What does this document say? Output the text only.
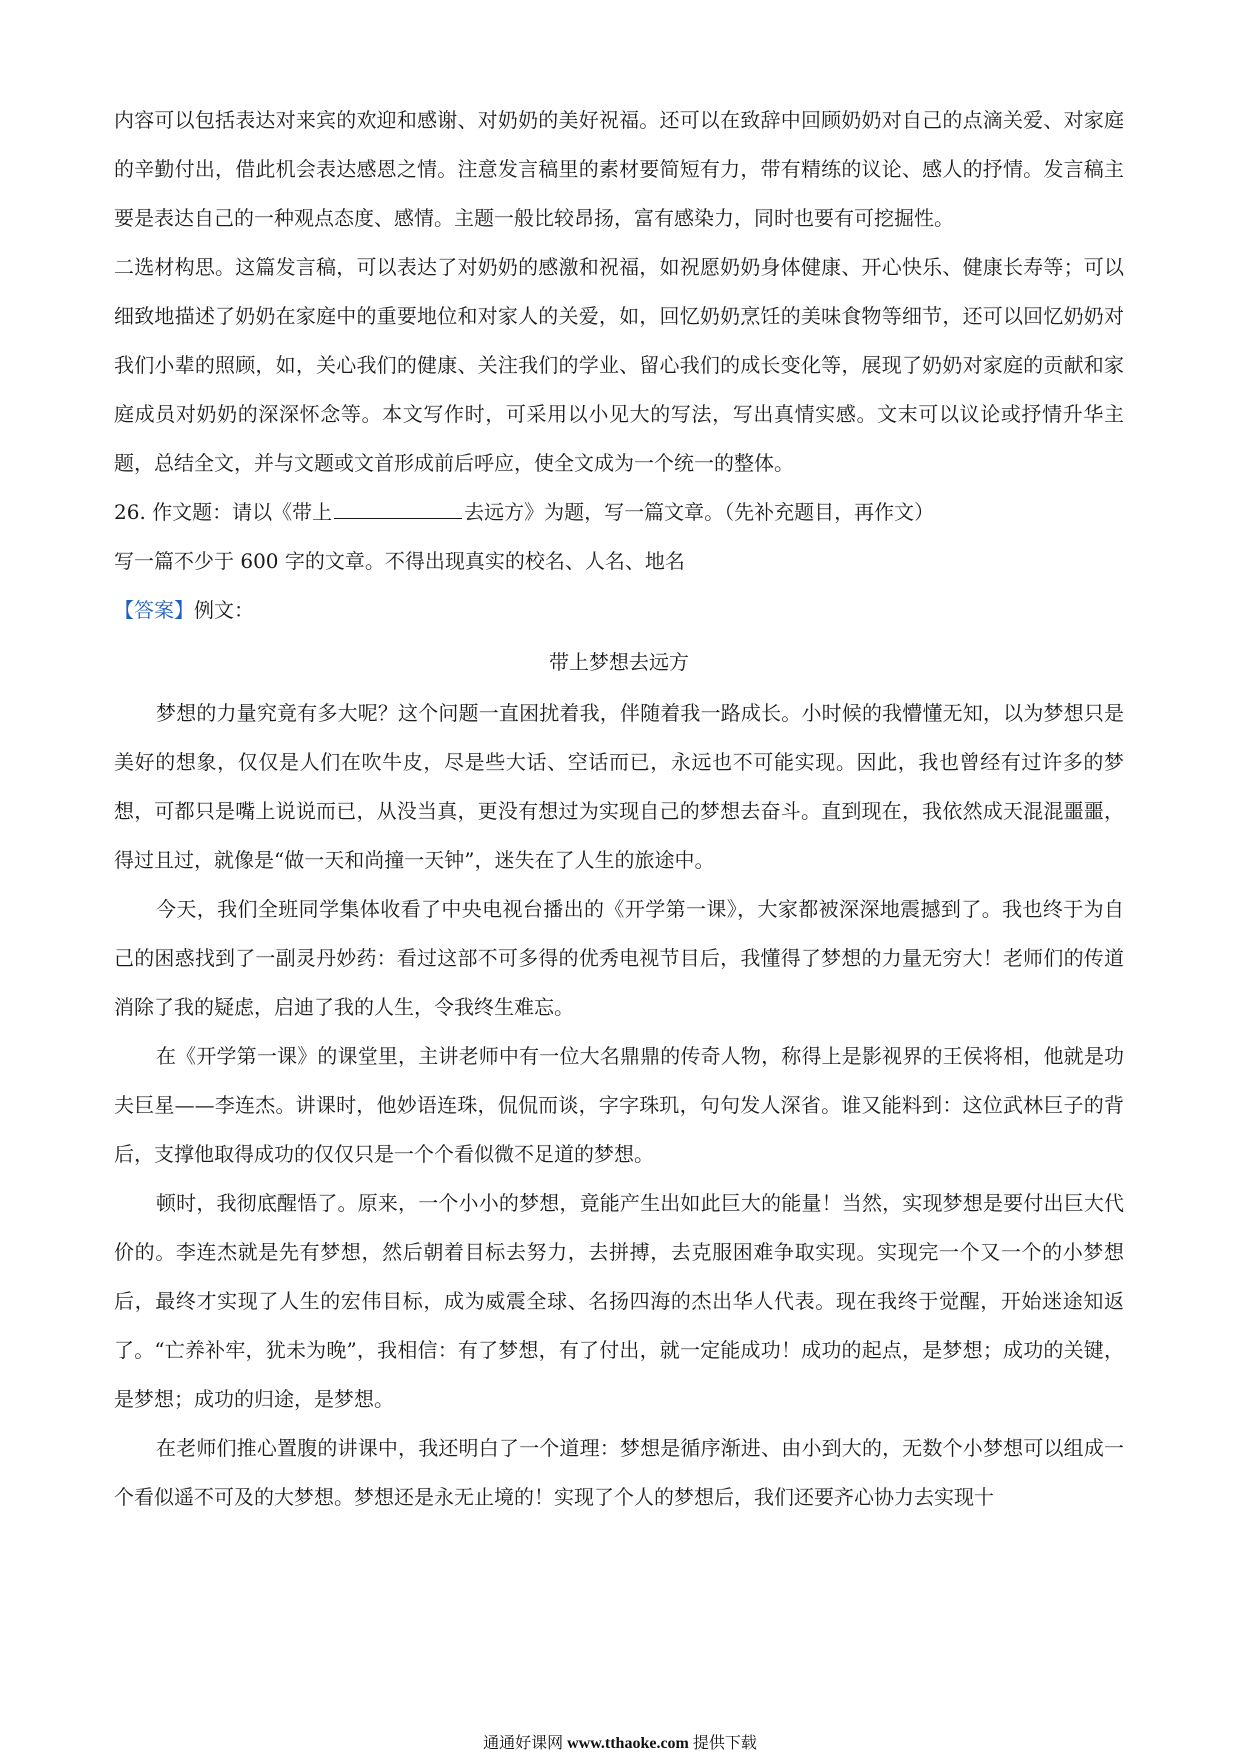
内容可以包括表达对来宾的欢迎和感谢、对奶奶的美好祝福。还可以在致辞中回顾奶奶对自己的点滴关爱、对家庭的辛勤付出，借此机会表达感恩之情。注意发言稿里的素材要简短有力，带有精练的议论、感人的抒情。发言稿主要是表达自己的一种观点态度、感情。主题一般比较昂扬，富有感染力，同时也要有可挖掘性。

二选材构思。这篇发言稿，可以表达了对奶奶的感激和祝福，如祝愿奶奶身体健康、开心快乐、健康长寿等；可以细致地描述了奶奶在家庭中的重要地位和对家人的关爱，如，回忆奶奶烹饪的美味食物等细节，还可以回忆奶奶对我们小辈的照顾，如，关心我们的健康、关注我们的学业、留心我们的成长变化等，展现了奶奶对家庭的贡献和家庭成员对奶奶的深深怀念等。本文写作时，可采用以小见大的写法，写出真情实感。文末可以议论或抒情升华主题，总结全文，并与文题或文首形成前后呼应，使全文成为一个统一的整体。

26. 作文题：请以《带上	去远方》为题，写一篇文章。（先补充题目，再作文）

写一篇不少于 600 字的文章。不得出现真实的校名、人名、地名

【答案】例文：

带上梦想去远方

梦想的力量究竟有多大呢？这个问题一直困扰着我，伴随着我一路成长。小时候的我懵懂无知，以为梦想只是美好的想象，仅仅是人们在吹牛皮，尽是些大话、空话而已，永远也不可能实现。因此，我也曾经有过许多的梦想，可都只是嘴上说说而已，从没当真，更没有想过为实现自己的梦想去奋斗。直到现在，我依然成天混混噩噩，得过且过，就像是“做一天和尚撞一天钟”，迷失在了人生的旅途中。

今天，我们全班同学集体收看了中央电视台播出的《开学第一课》，大家都被深深地震撼到了。我也终于为自己的困惑找到了一副灵丹妙药：看过这部不可多得的优秀电视节目后，我懂得了梦想的力量无穷大！老师们的传道消除了我的疑虑，启迪了我的人生，令我终生难忘。

在《开学第一课》的课堂里，主讲老师中有一位大名鼎鼎的传奇人物，称得上是影视界的王侯将相，他就是功夫巨星——李连杰。讲课时，他妙语连珠，侃侃而谈，字字珠玑，句句发人深省。谁又能料到：这位武林巨子的背后，支撑他取得成功的仅仅只是一个个看似微不足道的梦想。

顿时，我彻底醒悟了。原来，一个小小的梦想，竟能产生出如此巨大的能量！当然，实现梦想是要付出巨大代价的。李连杰就是先有梦想，然后朝着目标去努力，去拼搏，去克服困难争取实现。实现完一个又一个的小梦想后，最终才实现了人生的宏伟目标，成为威震全球、名扬四海的杰出华人代表。现在我终于觉醒，开始迷途知返了。“亡养补牢，犹未为晚”，我相信：有了梦想，有了付出，就一定能成功！成功的起点，是梦想；成功的关键，是梦想；成功的归途，是梦想。

在老师们推心置腹的讲课中，我还明白了一个道理：梦想是循序渐进、由小到大的，无数个小梦想可以组成一个看似遥不可及的大梦想。梦想还是永无止境的！实现了个人的梦想后，我们还要齐心协力去实现十

通通好课网 www.tthaoke.com 提供下载
